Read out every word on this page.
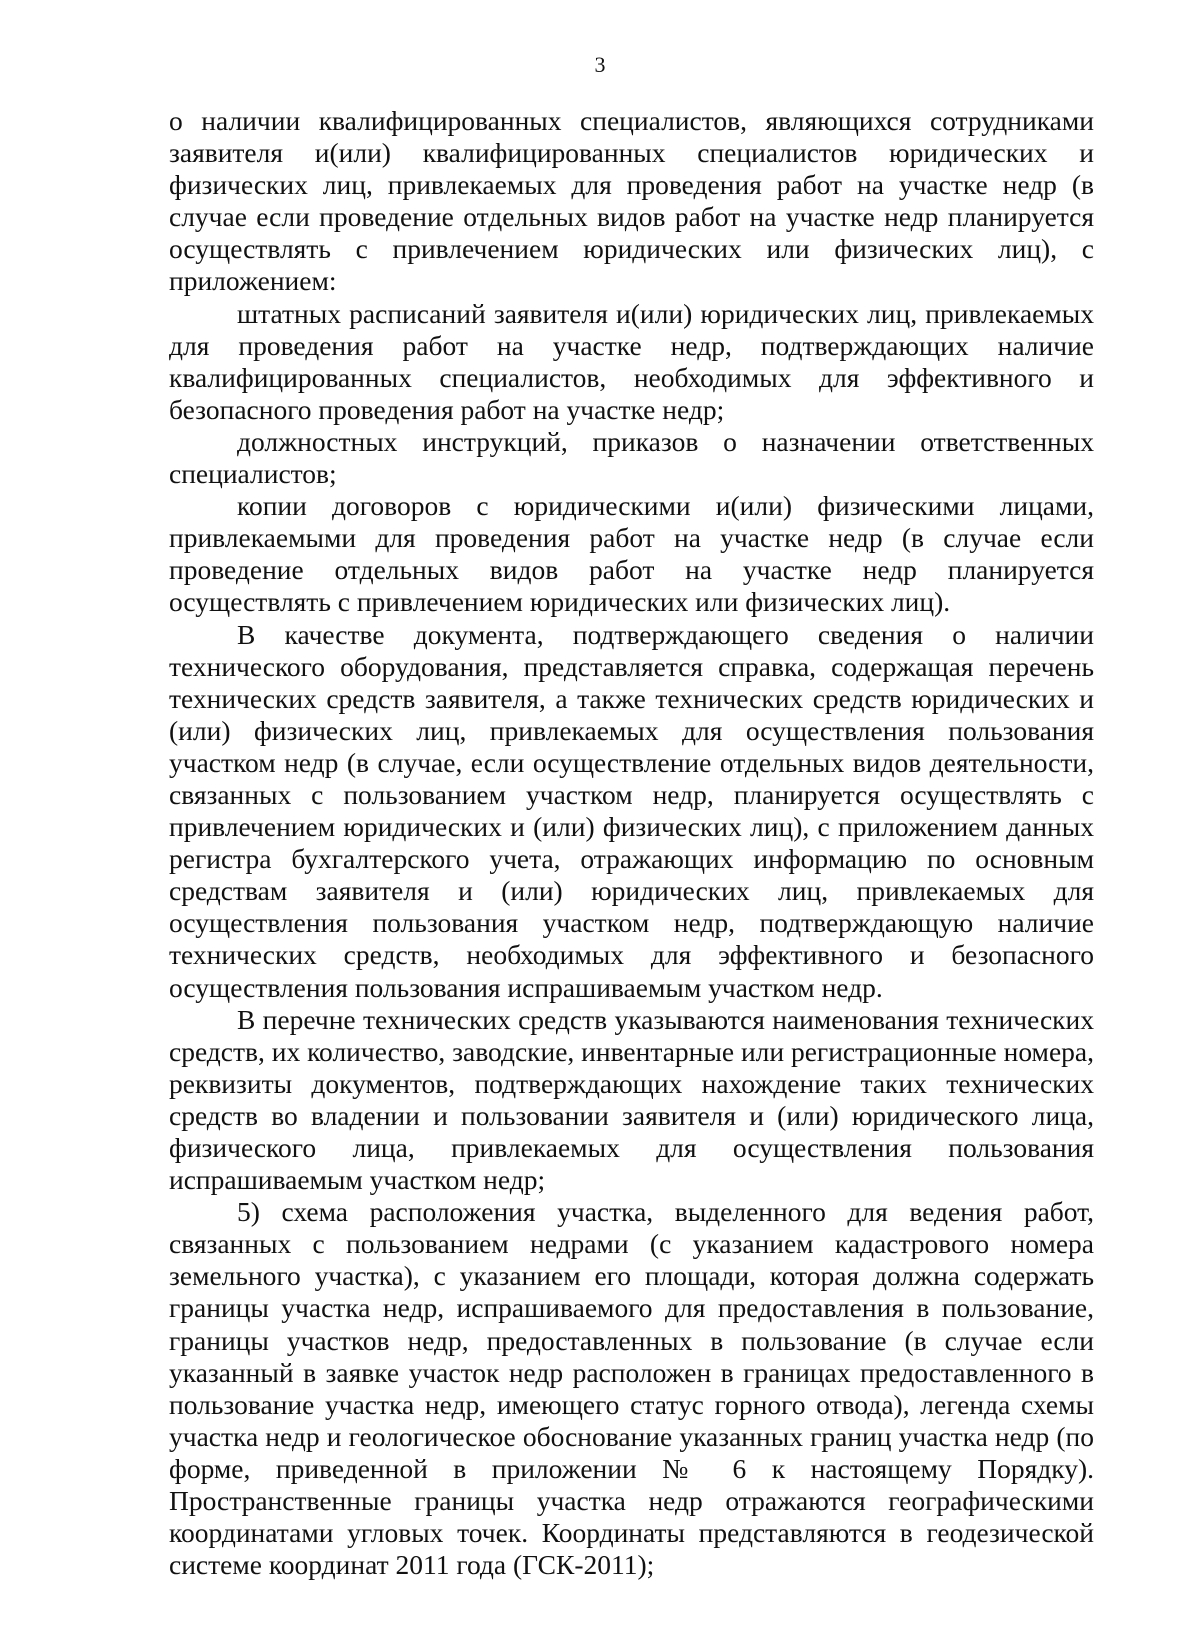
3

о наличии квалифицированных специалистов, являющихся сотрудниками заявителя и(или) квалифицированных специалистов юридических и физических лиц, привлекаемых для проведения работ на участке недр (в случае если проведение отдельных видов работ на участке недр планируется осуществлять с привлечением юридических или физических лиц), с приложением:

штатных расписаний заявителя и(или) юридических лиц, привлекаемых для проведения работ на участке недр, подтверждающих наличие квалифицированных специалистов, необходимых для эффективного и безопасного проведения работ на участке недр;

должностных инструкций, приказов о назначении ответственных специалистов;

копии договоров с юридическими и(или) физическими лицами, привлекаемыми для проведения работ на участке недр (в случае если проведение отдельных видов работ на участке недр планируется осуществлять с привлечением юридических или физических лиц).

В качестве документа, подтверждающего сведения о наличии технического оборудования, представляется справка, содержащая перечень технических средств заявителя, а также технических средств юридических и (или) физических лиц, привлекаемых для осуществления пользования участком недр (в случае, если осуществление отдельных видов деятельности, связанных с пользованием участком недр, планируется осуществлять с привлечением юридических и (или) физических лиц), с приложением данных регистра бухгалтерского учета, отражающих информацию по основным средствам заявителя и (или) юридических лиц, привлекаемых для осуществления пользования участком недр, подтверждающую наличие технических средств, необходимых для эффективного и безопасного осуществления пользования испрашиваемым участком недр.

В перечне технических средств указываются наименования технических средств, их количество, заводские, инвентарные или регистрационные номера, реквизиты документов, подтверждающих нахождение таких технических средств во владении и пользовании заявителя и (или) юридического лица, физического лица, привлекаемых для осуществления пользования испрашиваемым участком недр;

5) схема расположения участка, выделенного для ведения работ, связанных с пользованием недрами (с указанием кадастрового номера земельного участка), с указанием его площади, которая должна содержать границы участка недр, испрашиваемого для предоставления в пользование, границы участков недр, предоставленных в пользование (в случае если указанный в заявке участок недр расположен в границах предоставленного в пользование участка недр, имеющего статус горного отвода), легенда схемы участка недр и геологическое обоснование указанных границ участка недр (по форме, приведенной в приложении № 6 к настоящему Порядку). Пространственные границы участка недр отражаются географическими координатами угловых точек. Координаты представляются в геодезической системе координат 2011 года (ГСК-2011);
